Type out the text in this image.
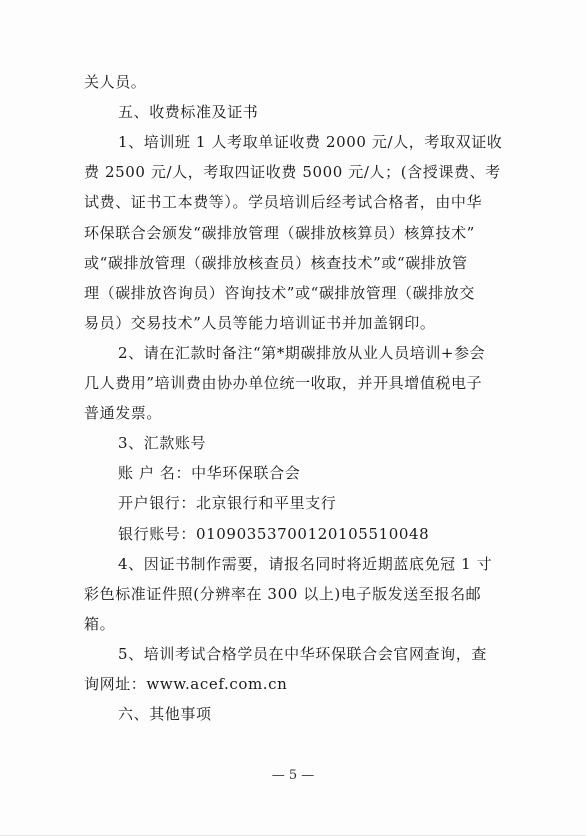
— 5 —
关人员。
五、收费标准及证书
1、培训班 1 人考取单证收费 2000 元/人，考取双证收
费 2500 元/人，考取四证收费 5000 元/人；(含授课费、考
试费、证书工本费等）。学员培训后经考试合格者，由中华
环保联合会颁发“碳排放管理（碳排放核算员）核算技术”
或“碳排放管理（碳排放核查员）核查技术”或“碳排放管
理（碳排放咨询员）咨询技术”或“碳排放管理（碳排放交
易员）交易技术”人员等能力培训证书并加盖钢印。
2、请在汇款时备注“第*期碳排放从业人员培训+参会
几人费用”培训费由协办单位统一收取，并开具增值税电子
普通发票。
3、汇款账号
账 户 名：中华环保联合会
开户银行：北京银行和平里支行
银行账号：01090353700120105510048
4、因证书制作需要，请报名同时将近期蓝底免冠 1 寸
彩色标准证件照(分辨率在 300 以上)电子版发送至报名邮
箱。
5、培训考试合格学员在中华环保联合会官网查询，查
询网址：www.acef.com.cn
六、其他事项
